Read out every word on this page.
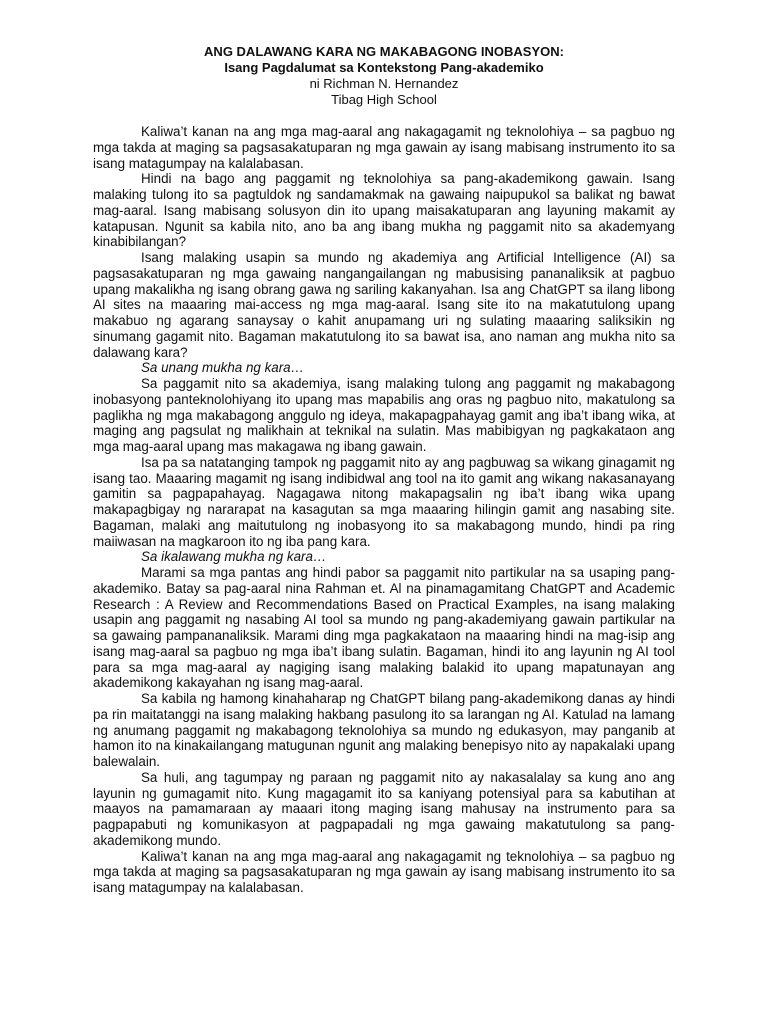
ANG DALAWANG KARA NG MAKABAGONG INOBASYON:
Isang Pagdalumat sa Kontekstong Pang-akademiko
ni Richman N. Hernandez
Tibag High School

Kaliwa’t kanan na ang mga mag-aaral ang nakagagamit ng teknolohiya – sa pagbuo ng mga takda at maging sa pagsasakatuparan ng mga gawain ay isang mabisang instrumento ito sa isang matagumpay na kalalabasan.

Hindi na bago ang paggamit ng teknolohiya sa pang-akademikong gawain. Isang malaking tulong ito sa pagtuldok ng sandamakmak na gawaing naipupukol sa balikat ng bawat mag-aaral. Isang mabisang solusyon din ito upang maisakatuparan ang layuning makamit ay katapusan. Ngunit sa kabila nito, ano ba ang ibang mukha ng paggamit nito sa akademyang kinabibilangan?

Isang malaking usapin sa mundo ng akademiya ang Artificial Intelligence (AI) sa pagsasakatuparan ng mga gawaing nangangailangan ng mabusising pananaliksik at pagbuo upang makalikha ng isang obrang gawa ng sariling kakanyahan. Isa ang ChatGPT sa ilang libong AI sites na maaaring mai-access ng mga mag-aaral. Isang site ito na makatutulong upang makabuo ng agarang sanaysay o kahit anupamang uri ng sulating maaaring saliksikin ng sinumang gagamit nito. Bagaman makatutulong ito sa bawat isa, ano naman ang mukha nito sa dalawang kara?

Sa unang mukha ng kara…

Sa paggamit nito sa akademiya, isang malaking tulong ang paggamit ng makabagong inobasyong panteknolohiyang ito upang mas mapabilis ang oras ng pagbuo nito, makatulong sa paglikha ng mga makabagong anggulo ng ideya, makapagpahayag gamit ang iba’t ibang wika, at maging ang pagsulat ng malikhain at teknikal na sulatin. Mas mabibigyan ng pagkakataon ang mga mag-aaral upang mas makagawa ng ibang gawain.

Isa pa sa natatanging tampok ng paggamit nito ay ang pagbuwag sa wikang ginagamit ng isang tao. Maaaring magamit ng isang indibidwal ang tool na ito gamit ang wikang nakasanayang gamitin sa pagpapahayag. Nagagawa nitong makapagsalin ng iba’t ibang wika upang makapagbigay ng nararapat na kasagutan sa mga maaaring hilingin gamit ang nasabing site. Bagaman, malaki ang maitutulong ng inobasyong ito sa makabagong mundo, hindi pa ring maiiwasan na magkaroon ito ng iba pang kara.

Sa ikalawang mukha ng kara…

Marami sa mga pantas ang hindi pabor sa paggamit nito partikular na sa usaping pang-akademiko. Batay sa pag-aaral nina Rahman et. Al na pinamagamitang ChatGPT and Academic Research : A Review and Recommendations Based on Practical Examples, na isang malaking usapin ang paggamit ng nasabing AI tool sa mundo ng pang-akademiyang gawain partikular na sa gawaing pampananaliksik. Marami ding mga pagkakataon na maaaring hindi na mag-isip ang isang mag-aaral sa pagbuo ng mga iba’t ibang sulatin. Bagaman, hindi ito ang layunin ng AI tool para sa mga mag-aaral ay nagiging isang malaking balakid ito upang mapatunayan ang akademikong kakayahan ng isang mag-aaral.

Sa kabila ng hamong kinahaharap ng ChatGPT bilang pang-akademikong danas ay hindi pa rin maitatanggi na isang malaking hakbang pasulong ito sa larangan ng AI. Katulad na lamang ng anumang paggamit ng makabagong teknolohiya sa mundo ng edukasyon, may panganib at hamon ito na kinakailangang matugunan ngunit ang malaking benepisyo nito ay napakalaki upang balewalain.

Sa huli, ang tagumpay ng paraan ng paggamit nito ay nakasalalay sa kung ano ang layunin ng gumagamit nito. Kung magagamit ito sa kaniyang potensiyal para sa kabutihan at maayos na pamamaraan ay maaari itong maging isang mahusay na instrumento para sa pagpapabuti ng komunikasyon at pagpapadali ng mga gawaing makatutulong sa pang-akademikong mundo.

Kaliwa’t kanan na ang mga mag-aaral ang nakagagamit ng teknolohiya – sa pagbuo ng mga takda at maging sa pagsasakatuparan ng mga gawain ay isang mabisang instrumento ito sa isang matagumpay na kalalabasan.
